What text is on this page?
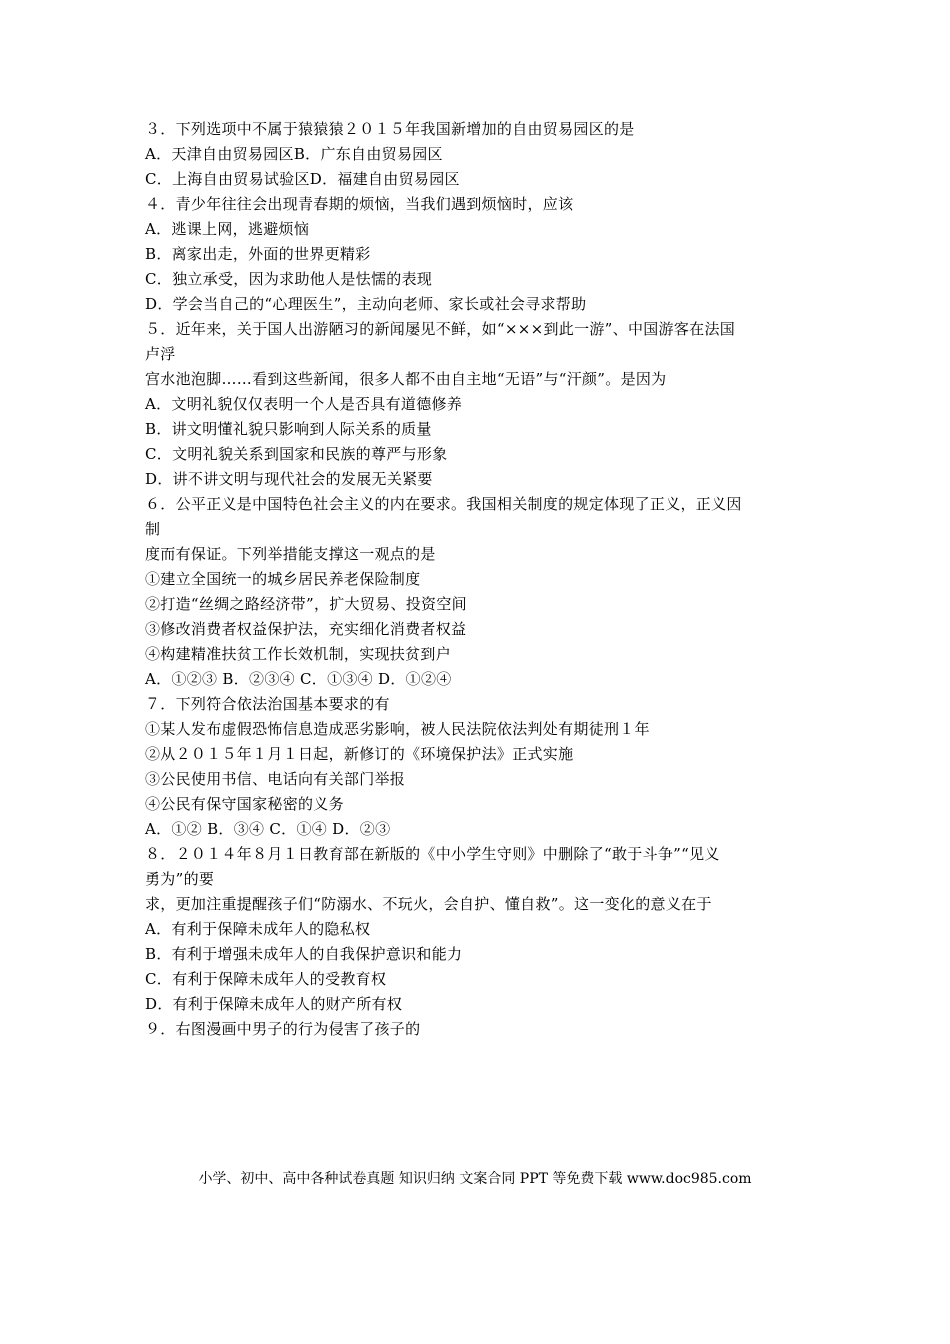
３．下列选项中不属于猿猿猿２０１５年我国新增加的自由贸易园区的是
A．天津自由贸易园区B．广东自由贸易园区
C．上海自由贸易试验区D．福建自由贸易园区
４．青少年往往会出现青春期的烦恼，当我们遇到烦恼时，应该
A．逃课上网，逃避烦恼
B．离家出走，外面的世界更精彩
C．独立承受，因为求助他人是怯懦的表现
D．学会当自己的“心理医生”，主动向老师、家长或社会寻求帮助
５．近年来，关于国人出游陋习的新闻屡见不鲜，如“×××到此一游”、中国游客在法国
卢浮
宫水池泡脚……看到这些新闻，很多人都不由自主地“无语”与“汗颜”。是因为
A．文明礼貌仅仅表明一个人是否具有道德修养
B．讲文明懂礼貌只影响到人际关系的质量
C．文明礼貌关系到国家和民族的尊严与形象
D．讲不讲文明与现代社会的发展无关紧要
６．公平正义是中国特色社会主义的内在要求。我国相关制度的规定体现了正义，正义因
制
度而有保证。下列举措能支撑这一观点的是
①建立全国统一的城乡居民养老保险制度
②打造“丝绸之路经济带”，扩大贸易、投资空间
③修改消费者权益保护法，充实细化消费者权益
④构建精准扶贫工作长效机制，实现扶贫到户
A．①②③ B．②③④ C．①③④ D．①②④
７．下列符合依法治国基本要求的有
①某人发布虚假恐怖信息造成恶劣影响，被人民法院依法判处有期徒刑１年
②从２０１５年１月１日起，新修订的《环境保护法》正式实施
③公民使用书信、电话向有关部门举报
④公民有保守国家秘密的义务
A．①② B．③④ C．①④ D．②③
８．２０１４年８月１日教育部在新版的《中小学生守则》中删除了“敢于斗争”“见义
勇为”的要
求，更加注重提醒孩子们“防溺水、不玩火，会自护、懂自救”。这一变化的意义在于
A．有利于保障未成年人的隐私权
B．有利于增强未成年人的自我保护意识和能力
C．有利于保障未成年人的受教育权
D．有利于保障未成年人的财产所有权
９．右图漫画中男子的行为侵害了孩子的
小学、初中、高中各种试卷真题 知识归纳 文案合同 PPT 等免费下载 www.doc985.com
